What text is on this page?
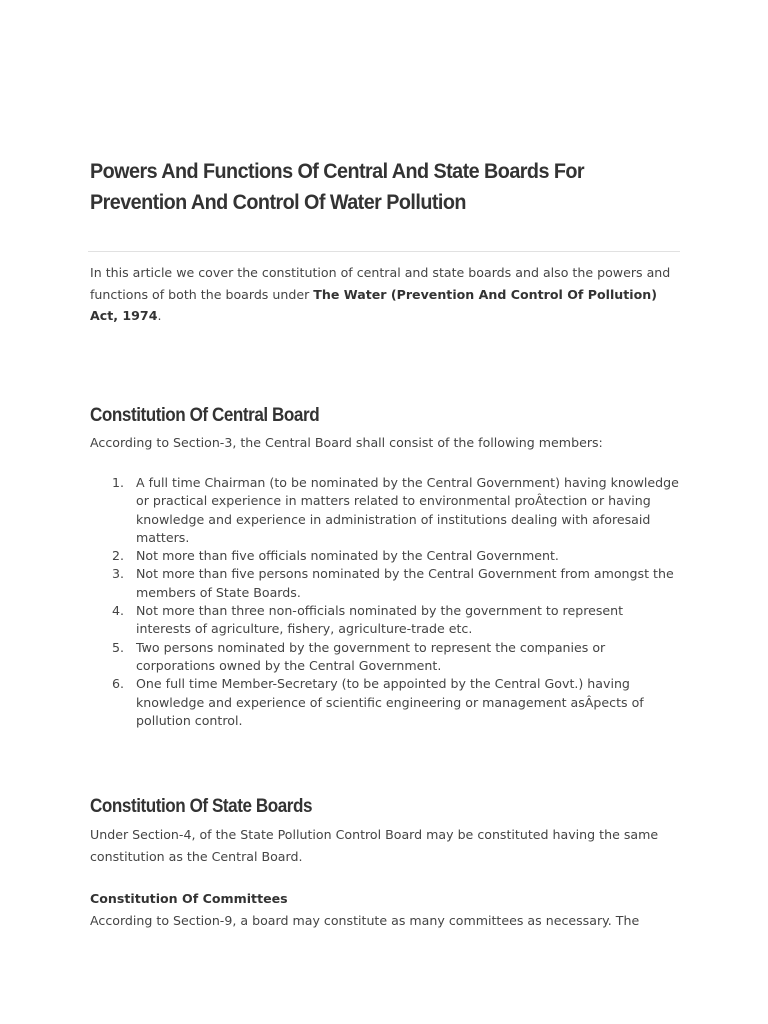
Powers And Functions Of Central And State Boards For Prevention And Control Of Water Pollution

In this article we cover the constitution of central and state boards and also the powers and functions of both the boards under The Water (Prevention And Control Of Pollution) Act, 1974.

Constitution Of Central Board

According to Section-3, the Central Board shall consist of the following members:

1. A full time Chairman (to be nominated by the Central Government) having knowledge or practical experience in matters related to environmental proÂtection or having knowledge and experience in administration of institutions dealing with aforesaid matters.
2. Not more than five officials nominated by the Central Government.
3. Not more than five persons nominated by the Central Government from amongst the members of State Boards.
4. Not more than three non-officials nominated by the government to represent interests of agriculture, fishery, agriculture-trade etc.
5. Two persons nominated by the government to represent the companies or corporations owned by the Central Government.
6. One full time Member-Secretary (to be appointed by the Central Govt.) having knowledge and experience of scientific engineering or management asÂpects of pollution control.
Constitution Of State Boards

Under Section-4, of the State Pollution Control Board may be constituted having the same constitution as the Central Board.

Constitution Of Committees

According to Section-9, a board may constitute as many committees as necessary. The
